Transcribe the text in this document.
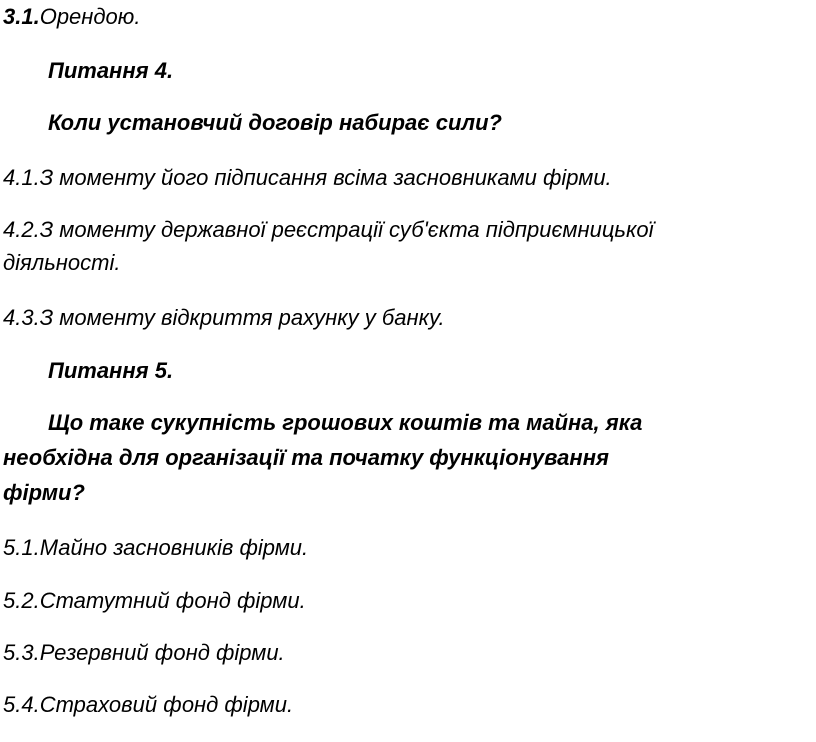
3.1.Орендою.

Питання 4.

Коли установчий договір набирає сили?

4.1.З моменту його підписання всіма засновниками фірми.

4.2.З моменту державної реєстрації суб'єкта підприємницької

діяльності.

4.3.З моменту відкриття рахунку у банку.

Питання 5.

Що таке сукупність грошових коштів та майна, яка

необхідна для організації та початку функціонування

фірми?

5.1.Майно засновників фірми.

5.2.Статутний фонд фірми.

5.3.Резервний фонд фірми.

5.4.Страховий фонд фірми.
